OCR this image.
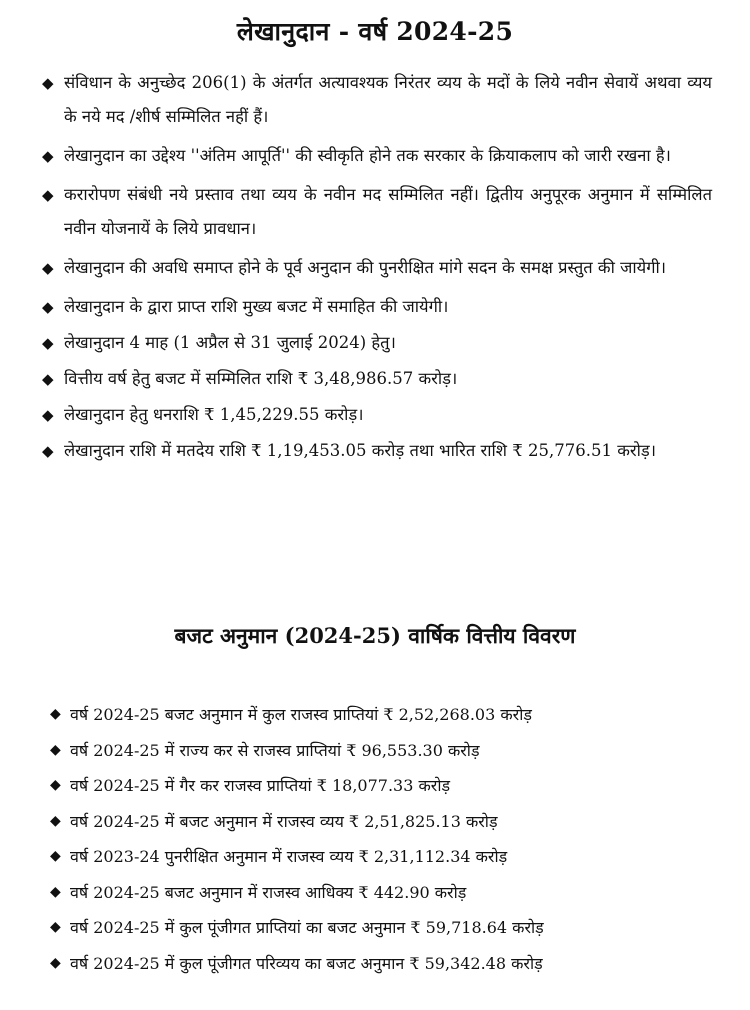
लेखानुदान - वर्ष 2024-25
◆ संविधान के अनुच्छेद 206(1) के अंतर्गत अत्यावश्यक निरंतर व्यय के मदों के लिये नवीन सेवायें अथवा व्यय के नये मद /शीर्ष सम्मिलित नहीं हैं।
◆ लेखानुदान का उद्देश्य ''अंतिम आपूर्ति'' की स्वीकृति होने तक सरकार के क्रियाकलाप को जारी रखना है।
◆ करारोपण संबंधी नये प्रस्ताव तथा व्यय के नवीन मद सम्मिलित नहीं। द्वितीय अनुपूरक अनुमान में सम्मिलित नवीन योजनायें के लिये प्रावधान।
◆ लेखानुदान की अवधि समाप्त होने के पूर्व अनुदान की पुनरीक्षित मांगे सदन के समक्ष प्रस्तुत की जायेगी।
◆ लेखानुदान के द्वारा प्राप्त राशि मुख्य बजट में समाहित की जायेगी।
◆ लेखानुदान 4 माह (1 अप्रैल से 31 जुलाई 2024) हेतु।
◆ वित्तीय वर्ष हेतु बजट में सम्मिलित राशि ₹ 3,48,986.57 करोड़।
◆ लेखानुदान हेतु धनराशि ₹ 1,45,229.55 करोड़।
◆ लेखानुदान राशि में मतदेय राशि ₹ 1,19,453.05 करोड़ तथा भारित राशि ₹ 25,776.51 करोड़।
बजट अनुमान (2024-25) वार्षिक वित्तीय विवरण
◆ वर्ष 2024-25 बजट अनुमान में कुल राजस्व प्राप्तियां ₹ 2,52,268.03 करोड़
◆ वर्ष 2024-25 में राज्य कर से राजस्व प्राप्तियां ₹ 96,553.30 करोड़
◆ वर्ष 2024-25 में गैर कर राजस्व प्राप्तियां ₹ 18,077.33 करोड़
◆ वर्ष 2024-25 में बजट अनुमान में राजस्व व्यय ₹ 2,51,825.13 करोड़
◆ वर्ष 2023-24 पुनरीक्षित अनुमान में राजस्व व्यय ₹ 2,31,112.34 करोड़
◆ वर्ष 2024-25 बजट अनुमान में राजस्व आधिक्य ₹ 442.90 करोड़
◆ वर्ष 2024-25 में कुल पूंजीगत प्राप्तियां का बजट अनुमान ₹ 59,718.64 करोड़
◆ वर्ष 2024-25 में कुल पूंजीगत परिव्यय का बजट अनुमान ₹ 59,342.48 करोड़
